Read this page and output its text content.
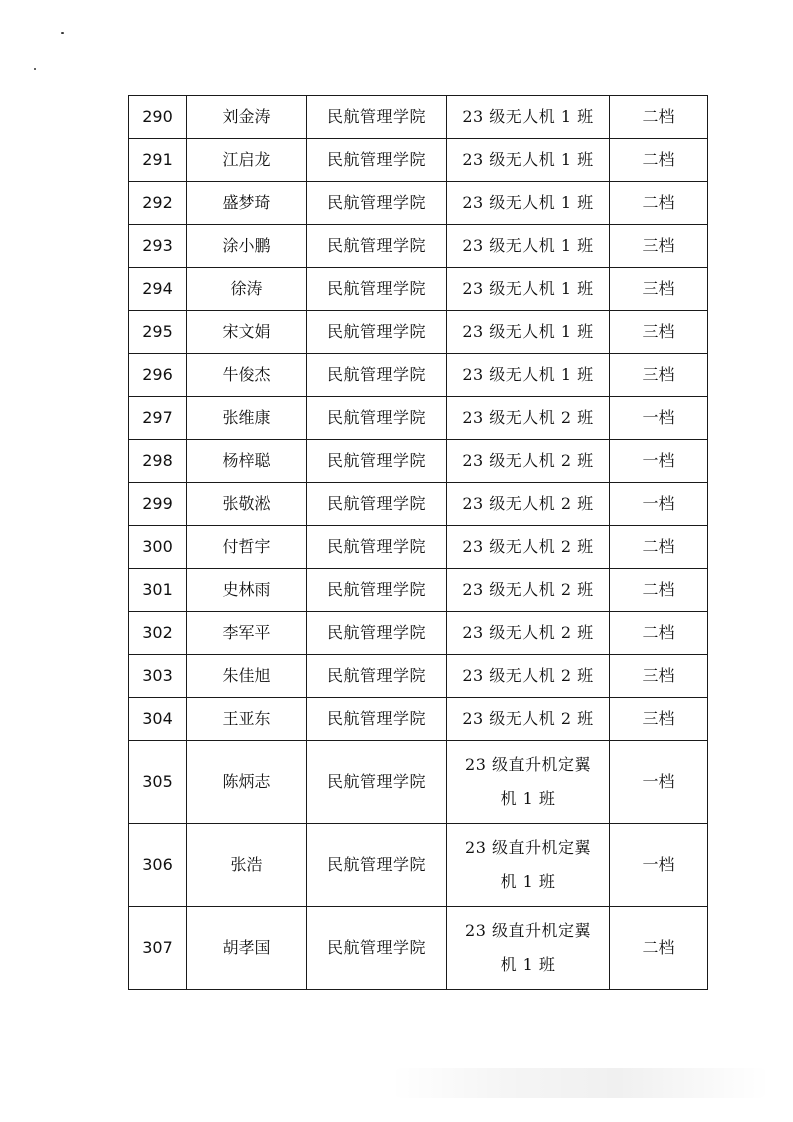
290	刘金涛	民航管理学院	23 级无人机 1 班	二档
291	江启龙	民航管理学院	23 级无人机 1 班	二档
292	盛梦琦	民航管理学院	23 级无人机 1 班	二档
293	涂小鹏	民航管理学院	23 级无人机 1 班	三档
294	徐涛	民航管理学院	23 级无人机 1 班	三档
295	宋文娟	民航管理学院	23 级无人机 1 班	三档
296	牛俊杰	民航管理学院	23 级无人机 1 班	三档
297	张维康	民航管理学院	23 级无人机 2 班	一档
298	杨梓聪	民航管理学院	23 级无人机 2 班	一档
299	张敬淞	民航管理学院	23 级无人机 2 班	一档
300	付哲宇	民航管理学院	23 级无人机 2 班	二档
301	史林雨	民航管理学院	23 级无人机 2 班	二档
302	李军平	民航管理学院	23 级无人机 2 班	二档
303	朱佳旭	民航管理学院	23 级无人机 2 班	三档
304	王亚东	民航管理学院	23 级无人机 2 班	三档
305	陈炳志	民航管理学院	23 级直升机定翼机 1 班	一档
306	张浩	民航管理学院	23 级直升机定翼机 1 班	一档
307	胡孝国	民航管理学院	23 级直升机定翼机 1 班	二档
